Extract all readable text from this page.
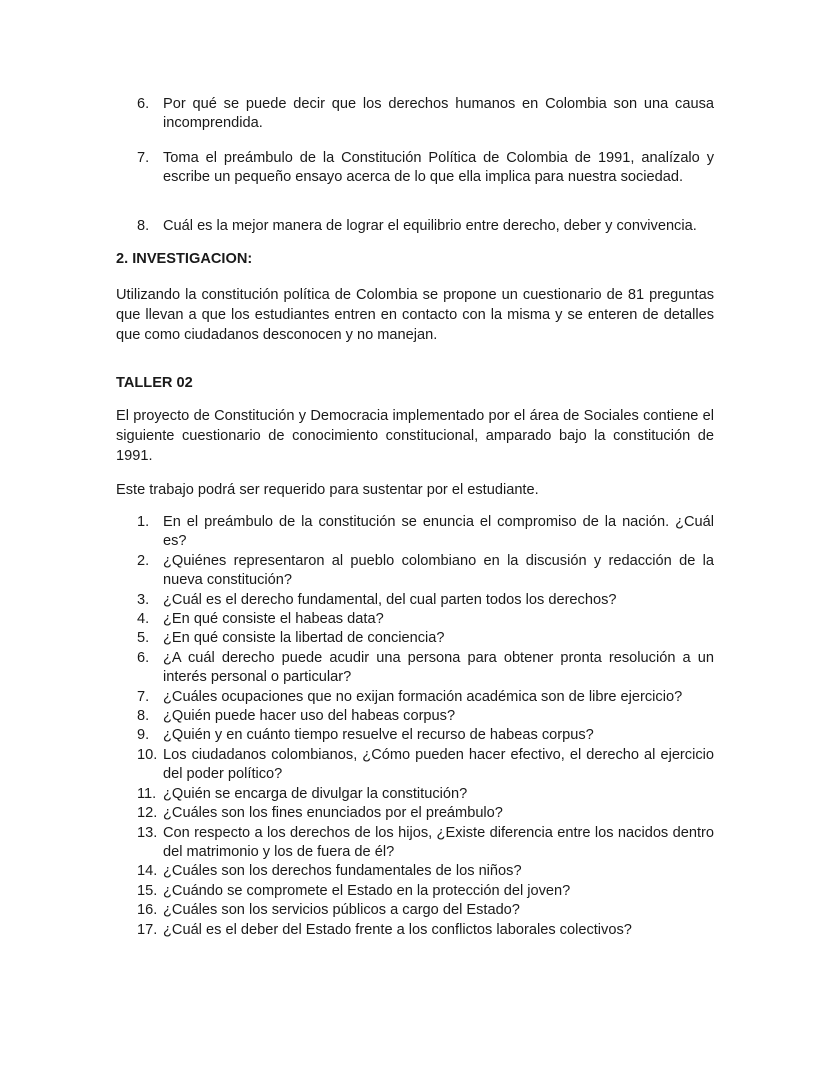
6. Por qué se puede decir que los derechos humanos en Colombia son una causa incomprendida.
7. Toma el preámbulo de la Constitución Política de Colombia de 1991, analízalo y escribe un pequeño ensayo acerca de lo que ella implica para nuestra sociedad.
8. Cuál es la mejor manera de lograr el equilibrio entre derecho, deber y convivencia.
2. INVESTIGACION:
Utilizando la constitución política de Colombia se propone un cuestionario de 81 preguntas que llevan a que los estudiantes entren en contacto con la misma y se enteren de detalles que como ciudadanos desconocen y no manejan.
TALLER 02
El proyecto de Constitución y Democracia implementado por el área de Sociales contiene el siguiente cuestionario de conocimiento constitucional, amparado bajo la constitución de 1991.
Este trabajo podrá ser requerido para sustentar por el estudiante.
1. En el preámbulo de la constitución se enuncia el compromiso de la nación. ¿Cuál es?
2. ¿Quiénes representaron al pueblo colombiano en la discusión y redacción de la nueva constitución?
3. ¿Cuál es el derecho fundamental, del cual parten todos los derechos?
4. ¿En qué consiste el habeas data?
5. ¿En qué consiste la libertad de conciencia?
6. ¿A cuál derecho puede acudir una persona para obtener pronta resolución a un interés personal o particular?
7. ¿Cuáles ocupaciones que no exijan formación académica son de libre ejercicio?
8. ¿Quién puede hacer uso del habeas corpus?
9. ¿Quién y en cuánto tiempo resuelve el recurso de habeas corpus?
10. Los ciudadanos colombianos, ¿Cómo pueden hacer efectivo, el derecho al ejercicio del poder político?
11. ¿Quién se encarga de divulgar la constitución?
12. ¿Cuáles son los fines enunciados por el preámbulo?
13. Con respecto a los derechos de los hijos, ¿Existe diferencia entre los nacidos dentro del matrimonio y los de fuera de él?
14. ¿Cuáles son los derechos fundamentales de los niños?
15. ¿Cuándo se compromete el Estado en la protección del joven?
16. ¿Cuáles son los servicios públicos a cargo del Estado?
17. ¿Cuál es el deber del Estado frente a los conflictos laborales colectivos?
